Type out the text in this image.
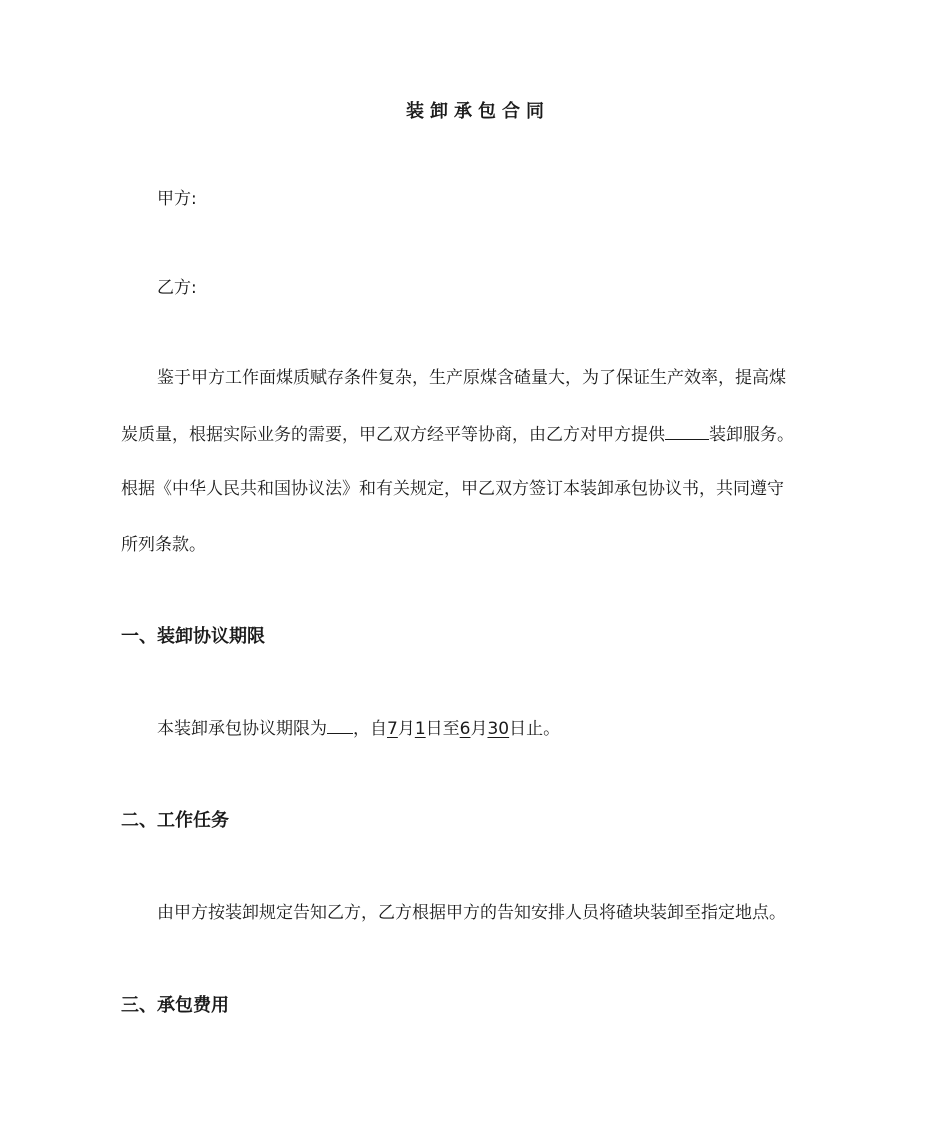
装卸承包合同
甲方:
乙方:
鉴于甲方工作面煤质赋存条件复杂，生产原煤含碴量大，为了保证生产效率，提高煤
炭质量，根据实际业务的需要，甲乙双方经平等协商，由乙方对甲方提供	装卸服务。
根据《中华人民共和国协议法》和有关规定，甲乙双方签订本装卸承包协议书，共同遵守
所列条款。
一、装卸协议期限
本装卸承包协议期限为 ，自7月1日至6月30日止。
二、工作任务
由甲方按装卸规定告知乙方，乙方根据甲方的告知安排人员将碴块装卸至指定地点。
三、承包费用
